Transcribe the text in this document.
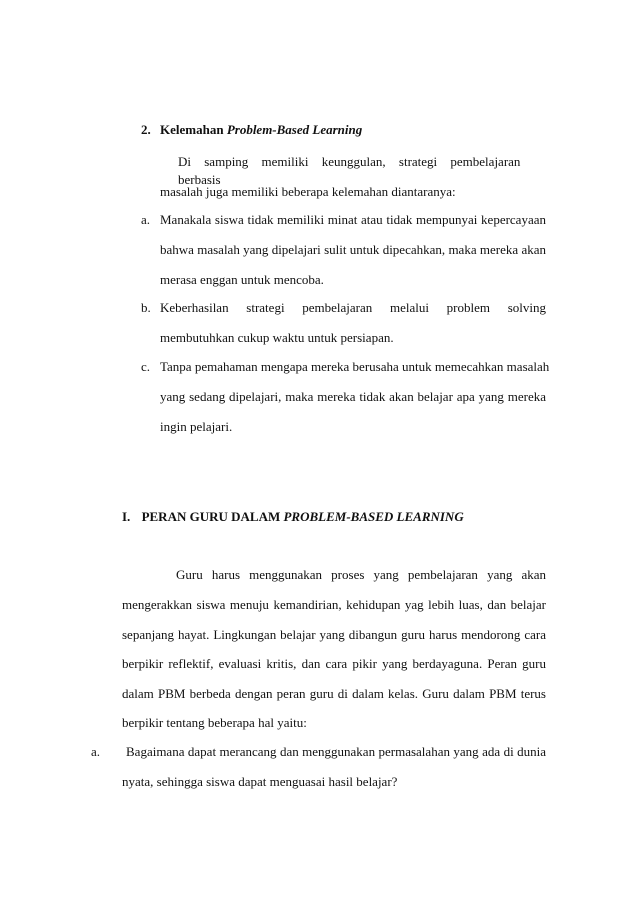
2. Kelemahan Problem-Based Learning
Di samping memiliki keunggulan, strategi pembelajaran berbasis
masalah juga memiliki beberapa kelemahan diantaranya:
a. Manakala siswa tidak memiliki minat atau tidak mempunyai kepercayaan
bahwa masalah yang dipelajari sulit untuk dipecahkan, maka mereka akan
merasa enggan untuk mencoba.
b. Keberhasilan strategi pembelajaran melalui problem solving
membutuhkan cukup waktu untuk persiapan.
c. Tanpa pemahaman mengapa mereka berusaha untuk memecahkan masalah
yang sedang dipelajari, maka mereka tidak akan belajar apa yang mereka
ingin pelajari.
I. PERAN GURU DALAM PROBLEM-BASED LEARNING
Guru harus menggunakan proses yang pembelajaran yang akan
mengerakkan siswa menuju kemandirian, kehidupan yag lebih luas, dan belajar
sepanjang hayat. Lingkungan belajar yang dibangun guru harus mendorong cara
berpikir reflektif, evaluasi kritis, dan cara pikir yang berdayaguna. Peran guru
dalam PBM berbeda dengan peran guru di dalam kelas. Guru dalam PBM terus
berpikir tentang beberapa hal yaitu:
a. Bagaimana dapat merancang dan menggunakan permasalahan yang ada di dunia
nyata, sehingga siswa dapat menguasai hasil belajar?
